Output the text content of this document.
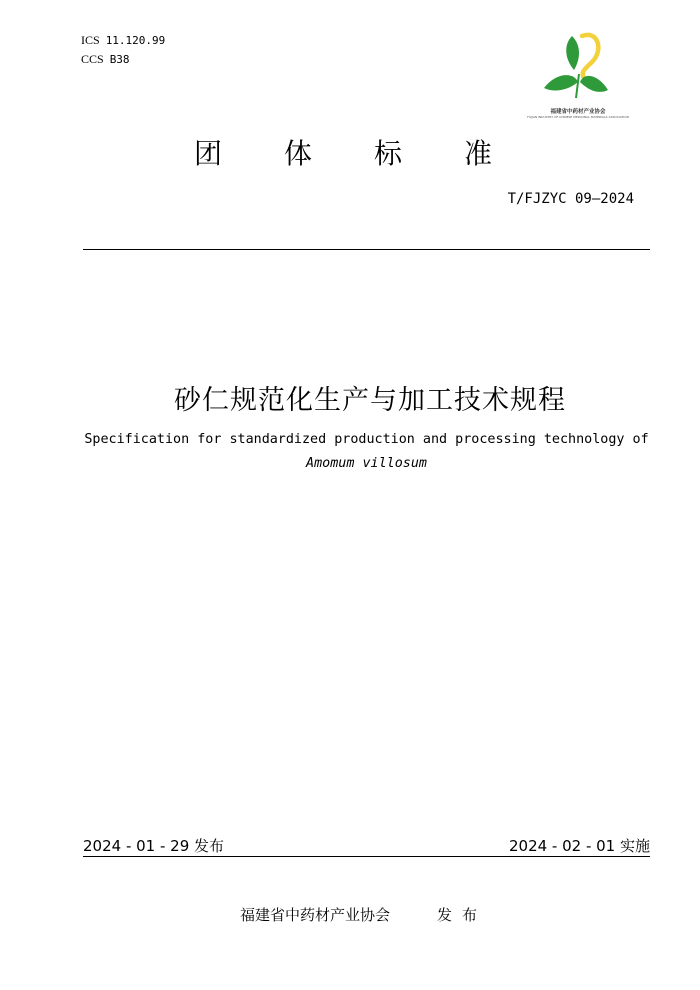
ICS 11.120.99
CCS B38
福建省中药材产业协会
FUJIAN INDUSTRY OF CHINESE MEDICINAL MATERIALS ASSOCIATION
团体标准
T/FJZYC 09—2024
砂仁规范化生产与加工技术规程
Specification for standardized production and processing technology of
Amomum villosum
2024 - 01 - 29 发布	2024 - 02 - 01 实施
福建省中药材产业协会	发布
